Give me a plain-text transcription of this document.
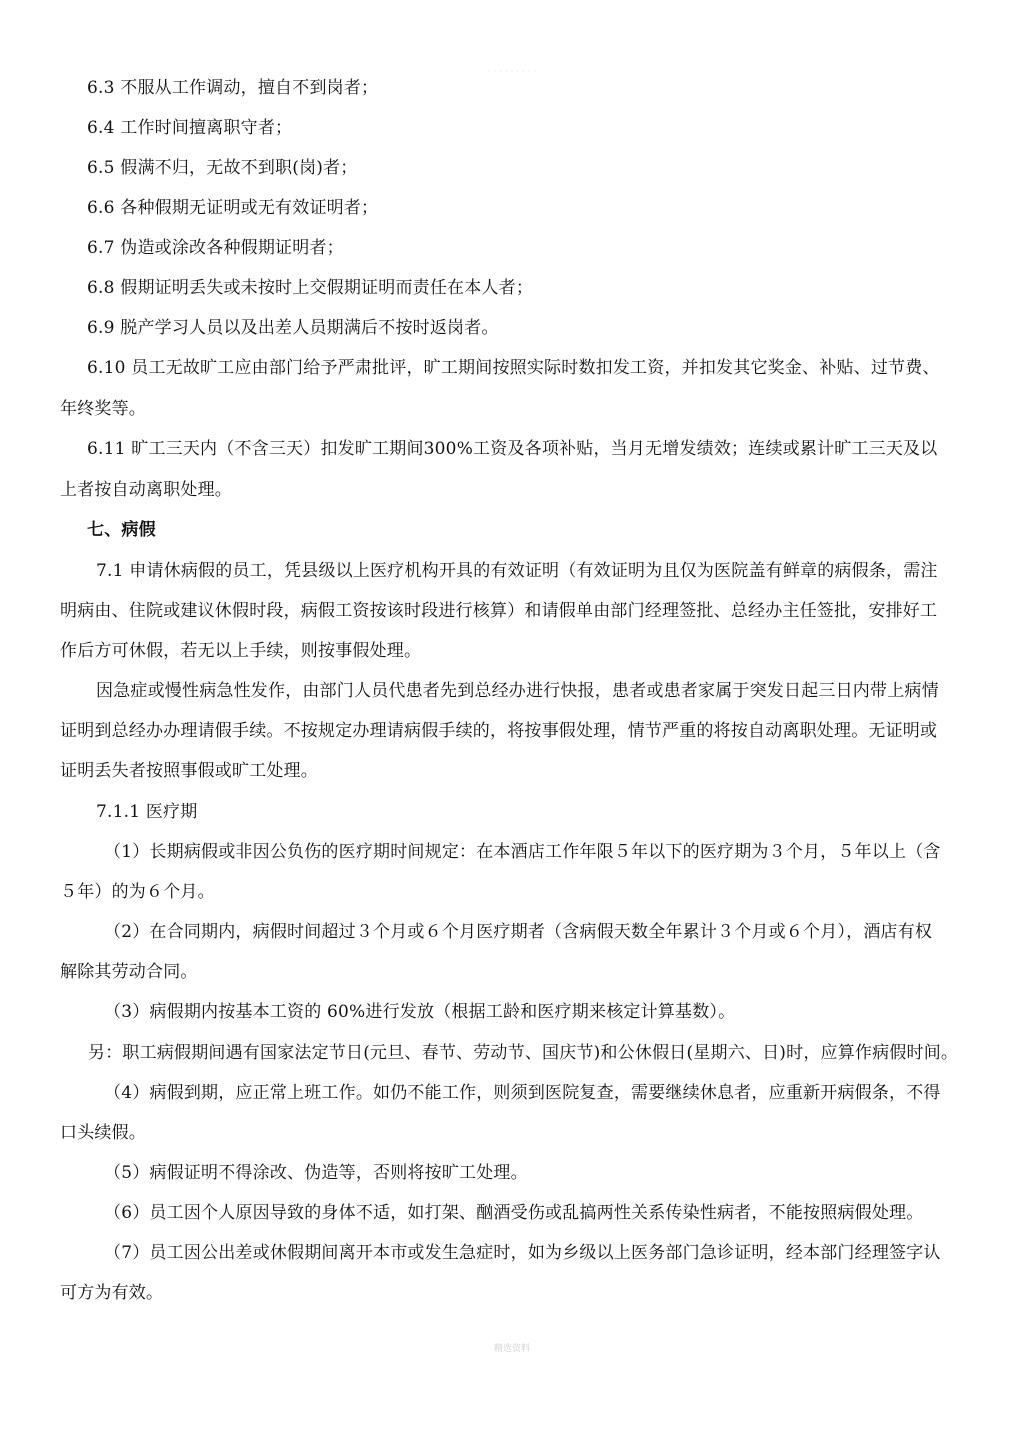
· · · · · · · · ·
6.3 不服从工作调动，擅自不到岗者；
6.4 工作时间擅离职守者；
6.5 假满不归，无故不到职(岗)者；
6.6 各种假期无证明或无有效证明者；
6.7 伪造或涂改各种假期证明者；
6.8 假期证明丢失或未按时上交假期证明而责任在本人者；
6.9 脱产学习人员以及出差人员期满后不按时返岗者。
6.10 员工无故旷工应由部门给予严肃批评，旷工期间按照实际时数扣发工资，并扣发其它奖金、补贴、过节费、
年终奖等。
6.11 旷工三天内（不含三天）扣发旷工期间300%工资及各项补贴，当月无增发绩效；连续或累计旷工三天及以
上者按自动离职处理。
七、病假
7.1 申请休病假的员工，凭县级以上医疗机构开具的有效证明（有效证明为且仅为医院盖有鲜章的病假条，需注
明病由、住院或建议休假时段，病假工资按该时段进行核算）和请假单由部门经理签批、总经办主任签批，安排好工
作后方可休假，若无以上手续，则按事假处理。
因急症或慢性病急性发作，由部门人员代患者先到总经办进行快报，患者或患者家属于突发日起三日内带上病情
证明到总经办办理请假手续。不按规定办理请病假手续的，将按事假处理，情节严重的将按自动离职处理。无证明或
证明丢失者按照事假或旷工处理。
7.1.1 医疗期
（1）长期病假或非因公负伤的医疗期时间规定：在本酒店工作年限５年以下的医疗期为３个月，５年以上（含
５年）的为６个月。
（2）在合同期内，病假时间超过３个月或６个月医疗期者（含病假天数全年累计３个月或６个月），酒店有权
解除其劳动合同。
（3）病假期内按基本工资的 60%进行发放（根据工龄和医疗期来核定计算基数）。
另：职工病假期间遇有国家法定节日(元旦、春节、劳动节、国庆节)和公休假日(星期六、日)时，应算作病假时间。
（4）病假到期，应正常上班工作。如仍不能工作，则须到医院复查，需要继续休息者，应重新开病假条，不得
口头续假。
（5）病假证明不得涂改、伪造等，否则将按旷工处理。
（6）员工因个人原因导致的身体不适，如打架、酗酒受伤或乱搞两性关系传染性病者，不能按照病假处理。
（7）员工因公出差或休假期间离开本市或发生急症时，如为乡级以上医务部门急诊证明，经本部门经理签字认
可方为有效。
精选资料
